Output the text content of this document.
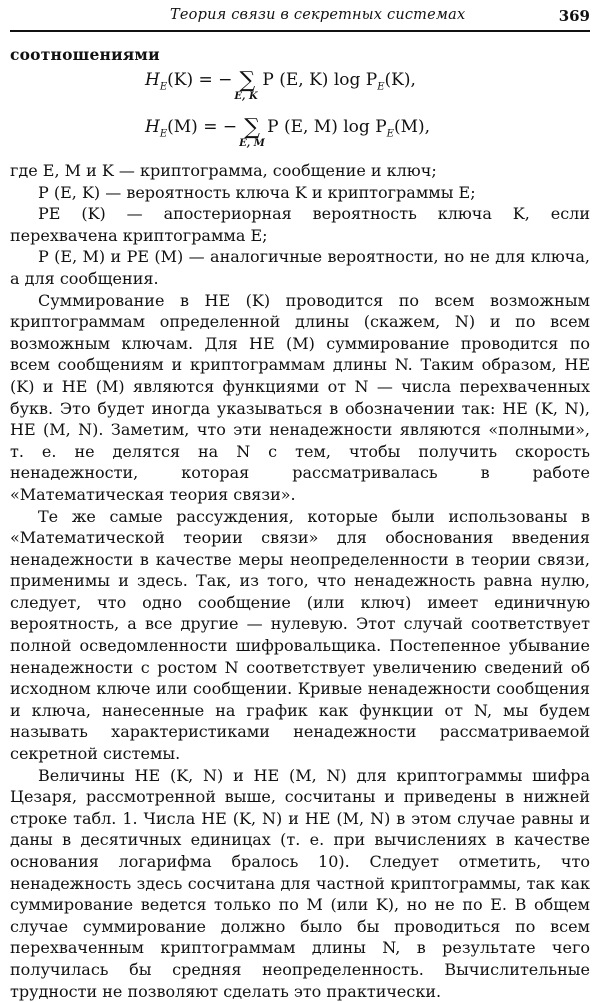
Теория связи в секретных системах	369
соотношениями
$H_E(K)$ = − ∑
E, K
P (E, K) $\log P_E(K)$,
$H_E(M)$ = − ∑
E, M
P (E, M) $\log P_E(M)$,

где E, M и K — криптограмма, сообщение и ключ;

P (E, K) — вероятность ключа K и криптограммы E;

PE (K) — апостериорная вероятность ключа K, если перехвачена криптограмма E;

P (E, M) и PE (M) — аналогичные вероятности, но не для ключа, а для сообщения.

Суммирование в HE (K) проводится по всем возможным криптограммам определенной длины (скажем, N) и по всем возможным ключам. Для HE (M) суммирование проводится по всем сообщениям и криптограммам длины N. Таким образом, HE (K) и HE (M) являются функциями от N — числа перехваченных букв. Это будет иногда указываться в обозначении так: HE (K, N), HE (M, N). Заметим, что эти ненадежности являются «полными», т. е. не делятся на N с тем, чтобы получить скорость ненадежности, которая рассматривалась в работе «Математическая теория связи».

Те же самые рассуждения, которые были использованы в «Математической теории связи» для обоснования введения ненадежности в качестве меры неопределенности в теории связи, применимы и здесь. Так, из того, что ненадежность равна нулю, следует, что одно сообщение (или ключ) имеет единичную вероятность, а все другие — нулевую. Этот случай соответствует полной осведомленности шифровальщика. Постепенное убывание ненадежности с ростом N соответствует увеличению сведений об исходном ключе или сообщении. Кривые ненадежности сообщения и ключа, нанесенные на график как функции от N, мы будем называть характеристиками ненадежности рассматриваемой секретной системы.

Величины HE (K, N) и HE (M, N) для криптограммы шифра Цезаря, рассмотренной выше, сосчитаны и приведены в нижней строке табл. 1. Числа HE (K, N) и HE (M, N) в этом случае равны и даны в десятичных единицах (т. е. при вычислениях в качестве основания логарифма бралось 10). Следует отметить, что ненадежность здесь сосчитана для частной криптограммы, так как суммирование ведется только по M (или K), но не по E. В общем случае суммирование должно было бы проводиться по всем перехваченным криптограммам длины N, в результате чего получилась бы средняя неопределенность. Вычислительные трудности не позволяют сделать это практически.
